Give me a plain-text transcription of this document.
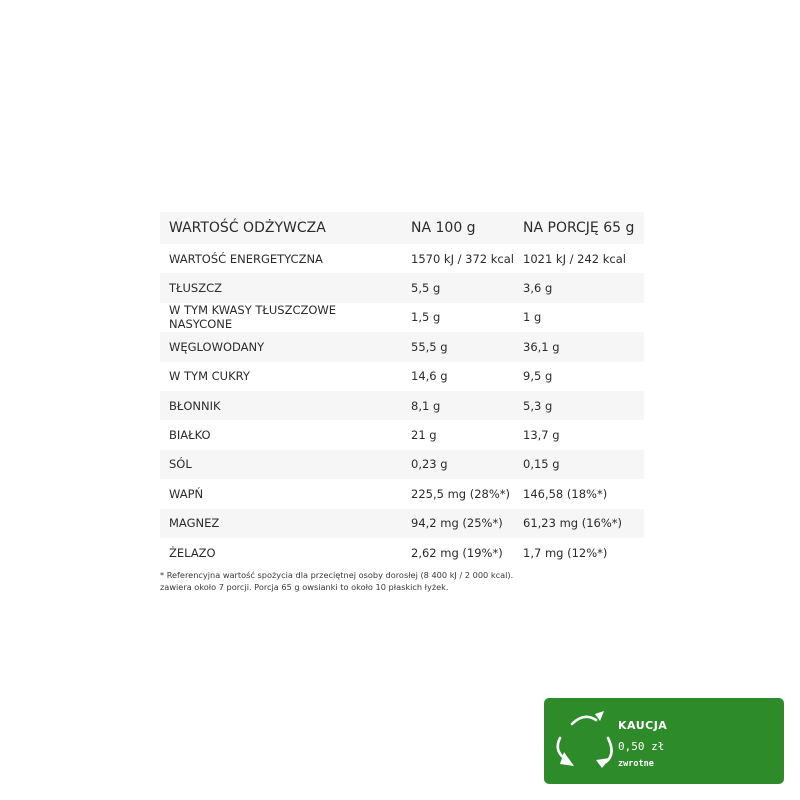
WARTOŚĆ ODŻYWCZA	NA 100 g	NA PORCJĘ 65 g
WARTOŚĆ ENERGETYCZNA	1570 kJ / 372 kcal	1021 kJ / 242 kcal
TŁUSZCZ	5,5 g	3,6 g
W TYM KWASY TŁUSZCZOWE NASYCONE	1,5 g	1 g
WĘGLOWODANY	55,5 g	36,1 g
W TYM CUKRY	14,6 g	9,5 g
BŁONNIK	8,1 g	5,3 g
BIAŁKO	21 g	13,7 g
SÓL	0,23 g	0,15 g
WAPŃ	225,5 mg (28%*)	146,58 (18%*)
MAGNEZ	94,2 mg (25%*)	61,23 mg (16%*)
ŻELAZO	2,62 mg (19%*)	1,7 mg (12%*)

* Referencyjna wartość spożycia dla przeciętnej osoby dorosłej (8 400 kJ / 2 000 kcal).

zawiera około 7 porcji. Porcja 65 g owsianki to około 10 płaskich łyżek.

KAUCJA
0,50 zł
zwrotne
